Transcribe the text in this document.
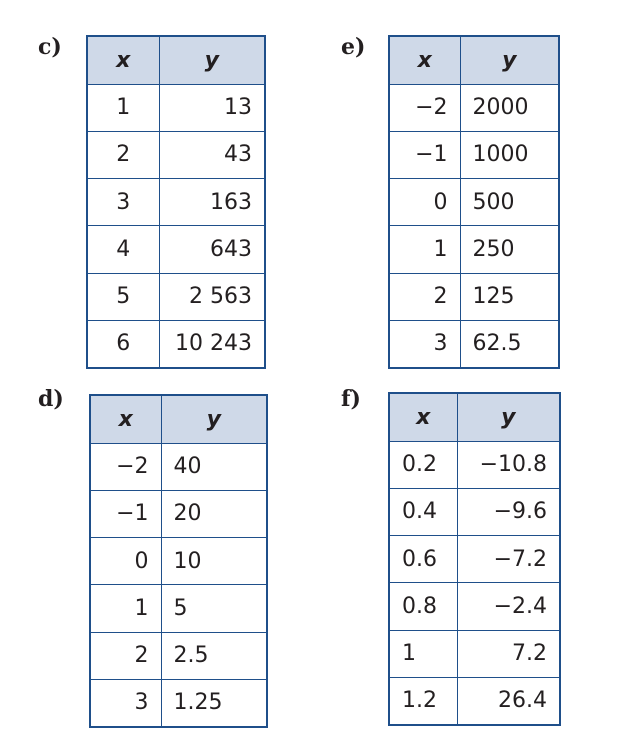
c)
x	y
1	13
2	43
3	163
4	643
5	2 563
6	10 243
e)
x	y
−2	2000
−1	1000
0	500
1	250
2	125
3	62.5
d)
x	y
−2	40
−1	20
0	10
1	5
2	2.5
3	1.25
f)
x	y
0.2	−10.8
0.4	−9.6
0.6	−7.2
0.8	−2.4
1	7.2
1.2	26.4
